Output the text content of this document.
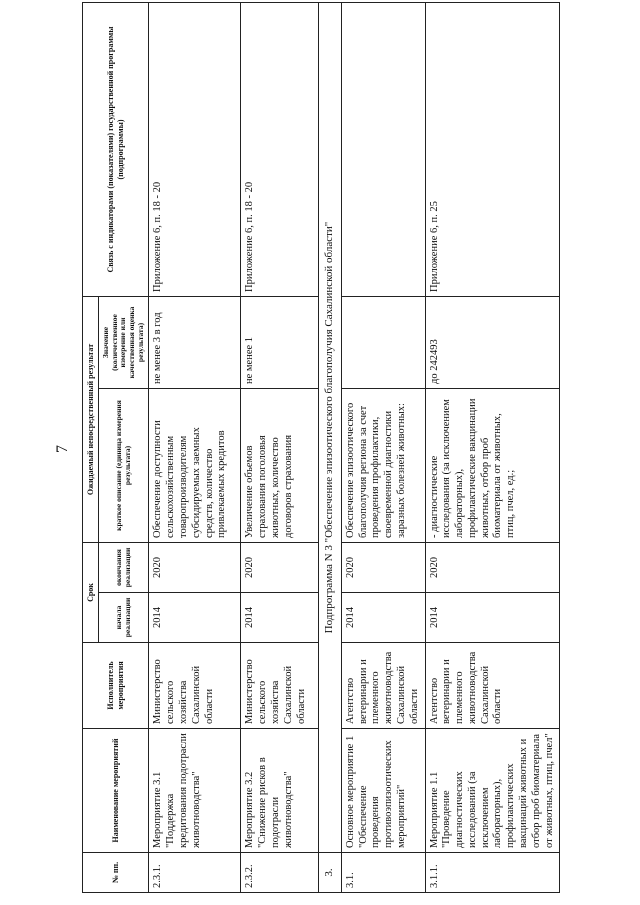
7
№ пп.	Наименование мероприятий	Исполнитель мероприятия	Срок		Ожидаемый непосредственный результат		Связь с индикаторами (показателями) государственной программы (подпрограммы)
			начала реализации	окончания реализации	краткое описание (единица измерения результата)	Значение (количественное измерение или качественная оценка результата)	
2.3.1.	Мероприятие 3.1 "Поддержка кредитования подотрасли животноводства"	Министерство сельского хозяйства Сахалинской области	2014	2020	Обеспечение доступности сельскохозяйственным товаропроизводителям субсидируемых заемных средств, количество привлекаемых кредитов	не менее 3 в год	Приложение 6, п. 18 - 20
2.3.2.	Мероприятие 3.2 "Снижение рисков в подотрасли животноводства"	Министерство сельского хозяйства Сахалинской области	2014	2020	Увеличение объемов страхования поголовья животных, количество договоров страхования	не менее 1	Приложение 6, п. 18 - 20
3.	Подпрограмма N 3 "Обеспечение эпизоотического благополучия Сахалинской области"						
3.1.	Основное мероприятие 1 "Обеспечение проведения противоэпизоотических мероприятий"	Агентство ветеринарии и племенного животноводства Сахалинской области	2014	2020	Обеспечение эпизоотического благополучия региона за счет проведения профилактики, своевременной диагностики заразных болезней животных:		
3.1.1.	Мероприятие 1.1 "Проведение диагностических исследований (за исключением лабораторных), профилактических вакцинаций животных и отбор проб биоматериала от животных, птиц, пчел"	Агентство ветеринарии и племенного животноводства Сахалинской области	2014	2020	- диагностические исследования (за исключением лабораторных), профилактические вакцинации животных, отбор проб биоматериала от животных, птиц, пчел, ед.;	до 242493	Приложение 6, п. 25
